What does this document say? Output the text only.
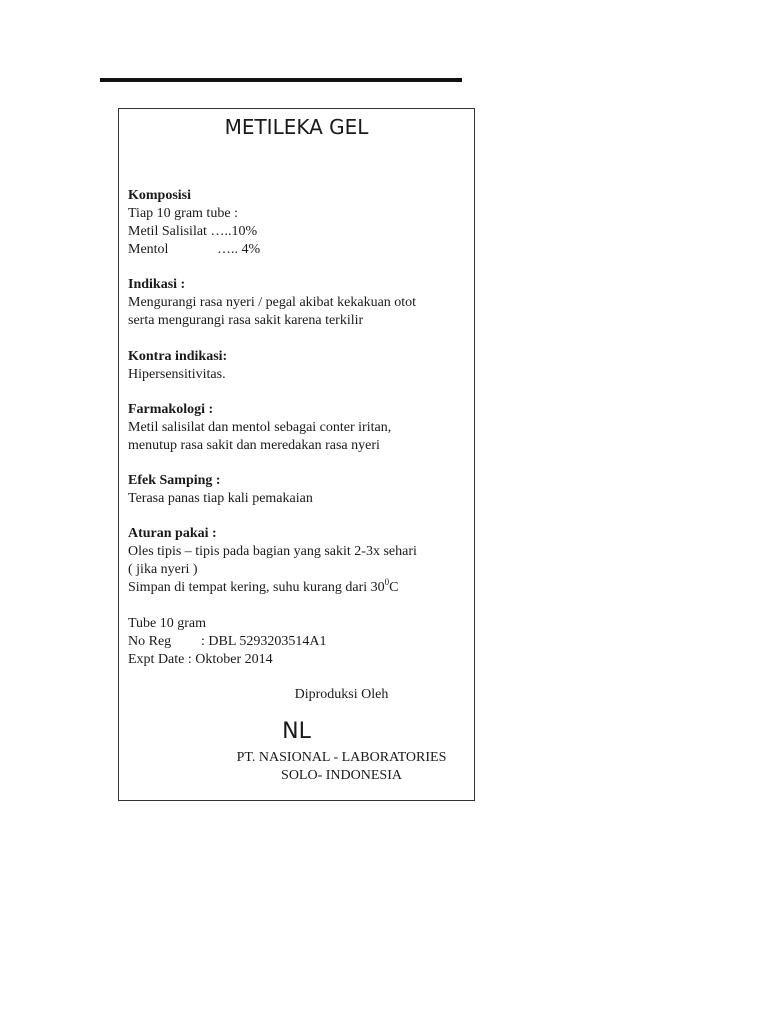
METILEKA GEL
Komposisi
Tiap 10 gram tube :
Metil Salisilat …..10%
Mentol	….. 4%
Indikasi :
Mengurangi rasa nyeri / pegal akibat kekakuan otot
serta mengurangi rasa sakit karena terkilir
Kontra indikasi:
Hipersensitivitas.
Farmakologi :
Metil salisilat dan mentol sebagai conter iritan,
menutup rasa sakit dan meredakan rasa nyeri
Efek Samping :
Terasa panas tiap kali pemakaian
Aturan pakai :
Oles tipis – tipis pada bagian yang sakit 2-3x sehari
( jika nyeri )
Simpan di tempat kering, suhu kurang dari $30^0C$
Tube 10 gram
No Reg : DBL 5293203514A1
Expt Date : Oktober 2014
Diproduksi Oleh
NL
PT. NASIONAL - LABORATORIES
SOLO- INDONESIA
